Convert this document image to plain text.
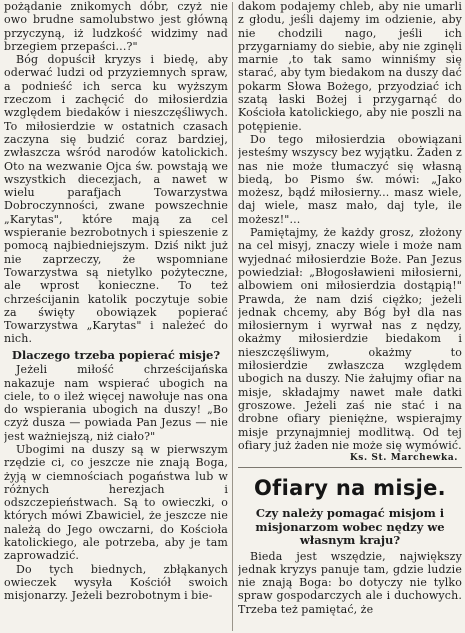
pożądanie znikomych dóbr, czyż nie owo brudne samolubstwo jest główną przyczyną, iż ludzkość widzimy nad brzegiem przepaści...?"

Bóg dopuścił kryzys i biedę, aby oderwać ludzi od przyziemnych spraw, a podnieść ich serca ku wyższym rzeczom i zachęcić do miłosierdzia względem biedaków i nieszczęśliwych. To miłosierdzie w ostatnich czasach zaczyna się budzić coraz bardziej, zwłaszcza wśród narodów katolickich. Oto na wezwanie Ojca św. powstają we wszystkich diecezjach, a nawet w wielu parafjach Towarzystwa Dobroczynności, zwane powszechnie „Karytas", które mają za cel wspieranie bezrobotnych i spieszenie z pomocą najbiedniejszym. Dziś nikt już nie zaprzeczy, że wspomniane Towarzystwa są nietylko pożyteczne, ale wprost konieczne. To też chrześcijanin katolik poczytuje sobie za święty obowiązek popierać Towarzystwa „Karytas" i należeć do nich.

Dlaczego trzeba popierać misje?

Jeżeli miłość chrześcijańska nakazuje nam wspierać ubogich na ciele, to o ileż więcej nawołuje nas ona do wspierania ubogich na duszy! „Bo czyż dusza — powiada Pan Jezus — nie jest ważniejszą, niż ciało?"

Ubogimi na duszy są w pierwszym rzędzie ci, co jeszcze nie znają Boga, żyją w ciemnościach pogaństwa lub w różnych herezjach i odszczepieństwach. Są to owieczki, o których mówi Zbawiciel, że jeszcze nie należą do Jego owczarni, do Kościoła katolickiego, ale potrzeba, aby je tam zaprowadzić.

Do tych biednych, zbłąkanych owieczek wysyła Kościół swoich misjonarzy. Jeżeli bezrobotnym i bie-

dakom podajemy chleb, aby nie umarli z głodu, jeśli dajemy im odzienie, aby nie chodzili nago, jeśli ich przygarniamy do siebie, aby nie zginęli marnie ‚to tak samo winniśmy się starać, aby tym biedakom na duszy dać pokarm Słowa Bożego, przyodziać ich szatą łaski Bożej i przygarnąć do Kościoła katolickiego, aby nie poszli na potępienie.

Do tego miłosierdzia obowiązani jesteśmy wszyscy bez wyjątku. Żaden z nas nie może tłumaczyć się własną biedą, bo Pismo św. mówi: „Jako możesz, bądź miłosierny... masz wiele, daj wiele, masz mało, daj tyle, ile możesz!"...

Pamiętajmy, że każdy grosz, złożony na cel misyj, znaczy wiele i może nam wyjednać miłosierdzie Boże. Pan Jezus powiedział: „Błogosławieni miłosierni, albowiem oni miłosierdzia dostąpią!" Prawda, że nam dziś ciężko; jeżeli jednak chcemy, aby Bóg był dla nas miłosiernym i wyrwał nas z nędzy, okażmy miłosierdzie biedakom i nieszczęśliwym, okażmy to miłosierdzie zwłaszcza względem ubogich na duszy. Nie żałujmy ofiar na misje, składajmy nawet małe datki groszowe. Jeżeli zaś nie stać i na drobne ofiary pieniężne, wspierajmy misje przynajmniej modlitwą. Od tej ofiary już żaden nie może się wymówić.

Ks. St. Marchewka.
Ofiary na misje.

Czy należy pomagać misjom i misjonarzom wobec nędzy we własnym kraju?

Bieda jest wszędzie, największy jednak kryzys panuje tam, gdzie ludzie nie znają Boga: bo dotyczy nie tylko spraw gospodarczych ale i duchowych. Trzeba też pamiętać, że
